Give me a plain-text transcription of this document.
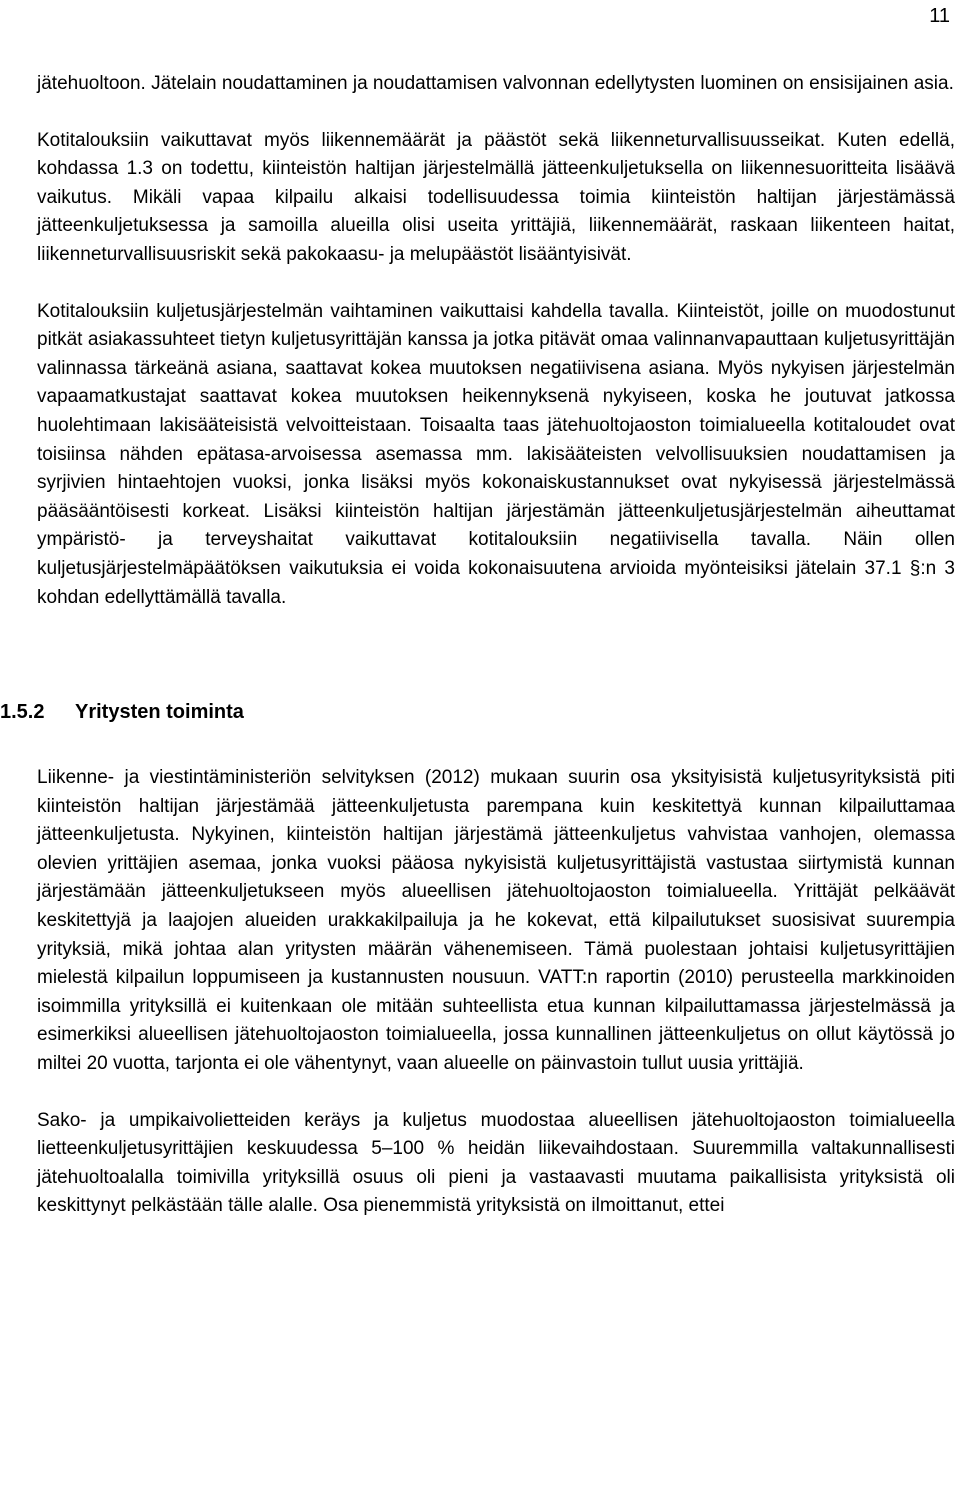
11

jätehuoltoon. Jätelain noudattaminen ja noudattamisen valvonnan edellytysten luominen on ensisijainen asia.

Kotitalouksiin vaikuttavat myös liikennemäärät ja päästöt sekä liikenneturvallisuusseikat. Kuten edellä, kohdassa 1.3 on todettu, kiinteistön haltijan järjestelmällä jätteenkuljetuksella on liikennesuoritteita lisäävä vaikutus. Mikäli vapaa kilpailu alkaisi todellisuudessa toimia kiinteistön haltijan järjestämässä jätteenkuljetuksessa ja samoilla alueilla olisi useita yrittäjiä, liikennemäärät, raskaan liikenteen haitat, liikenneturvallisuusriskit sekä pakokaasu- ja melupäästöt lisääntyisivät.

Kotitalouksiin kuljetusjärjestelmän vaihtaminen vaikuttaisi kahdella tavalla. Kiinteistöt, joille on muodostunut pitkät asiakassuhteet tietyn kuljetusyrittäjän kanssa ja jotka pitävät omaa valinnanvapauttaan kuljetusyrittäjän valinnassa tärkeänä asiana, saattavat kokea muutoksen negatiivisena asiana. Myös nykyisen järjestelmän vapaamatkustajat saattavat kokea muutoksen heikennyksenä nykyiseen, koska he joutuvat jatkossa huolehtimaan lakisääteisistä velvoitteistaan. Toisaalta taas jätehuoltojaoston toimialueella kotitaloudet ovat toisiinsa nähden epätasa-arvoisessa asemassa mm. lakisääteisten velvollisuuksien noudattamisen ja syrjivien hintaehtojen vuoksi, jonka lisäksi myös kokonaiskustannukset ovat nykyisessä järjestelmässä pääsääntöisesti korkeat. Lisäksi kiinteistön haltijan järjestämän jätteenkuljetusjärjestelmän aiheuttamat ympäristö- ja terveyshaitat vaikuttavat kotitalouksiin negatiivisella tavalla. Näin ollen kuljetusjärjestelmäpäätöksen vaikutuksia ei voida kokonaisuutena arvioida myönteisiksi jätelain 37.1 §:n 3 kohdan edellyttämällä tavalla.

1.5.2 Yritysten toiminta

Liikenne- ja viestintäministeriön selvityksen (2012) mukaan suurin osa yksityisistä kuljetusyrityksistä piti kiinteistön haltijan järjestämää jätteenkuljetusta parempana kuin keskitettyä kunnan kilpailuttamaa jätteenkuljetusta. Nykyinen, kiinteistön haltijan järjestämä jätteenkuljetus vahvistaa vanhojen, olemassa olevien yrittäjien asemaa, jonka vuoksi pääosa nykyisistä kuljetusyrittäjistä vastustaa siirtymistä kunnan järjestämään jätteenkuljetukseen myös alueellisen jätehuoltojaoston toimialueella. Yrittäjät pelkäävät keskitettyjä ja laajojen alueiden urakkakilpailuja ja he kokevat, että kilpailutukset suosisivat suurempia yrityksiä, mikä johtaa alan yritysten määrän vähenemiseen. Tämä puolestaan johtaisi kuljetusyrittäjien mielestä kilpailun loppumiseen ja kustannusten nousuun. VATT:n raportin (2010) perusteella markkinoiden isoimmilla yrityksillä ei kuitenkaan ole mitään suhteellista etua kunnan kilpailuttamassa järjestelmässä ja esimerkiksi alueellisen jätehuoltojaoston toimialueella, jossa kunnallinen jätteenkuljetus on ollut käytössä jo miltei 20 vuotta, tarjonta ei ole vähentynyt, vaan alueelle on päinvastoin tullut uusia yrittäjiä.

Sako- ja umpikaivolietteiden keräys ja kuljetus muodostaa alueellisen jätehuoltojaoston toimialueella lietteenkuljetusyrittäjien keskuudessa 5–100 % heidän liikevaihdostaan. Suuremmilla valtakunnallisesti jätehuoltoalalla toimivilla yrityksillä osuus oli pieni ja vastaavasti muutama paikallisista yrityksistä oli keskittynyt pelkästään tälle alalle. Osa pienemmistä yrityksistä on ilmoittanut, ettei
